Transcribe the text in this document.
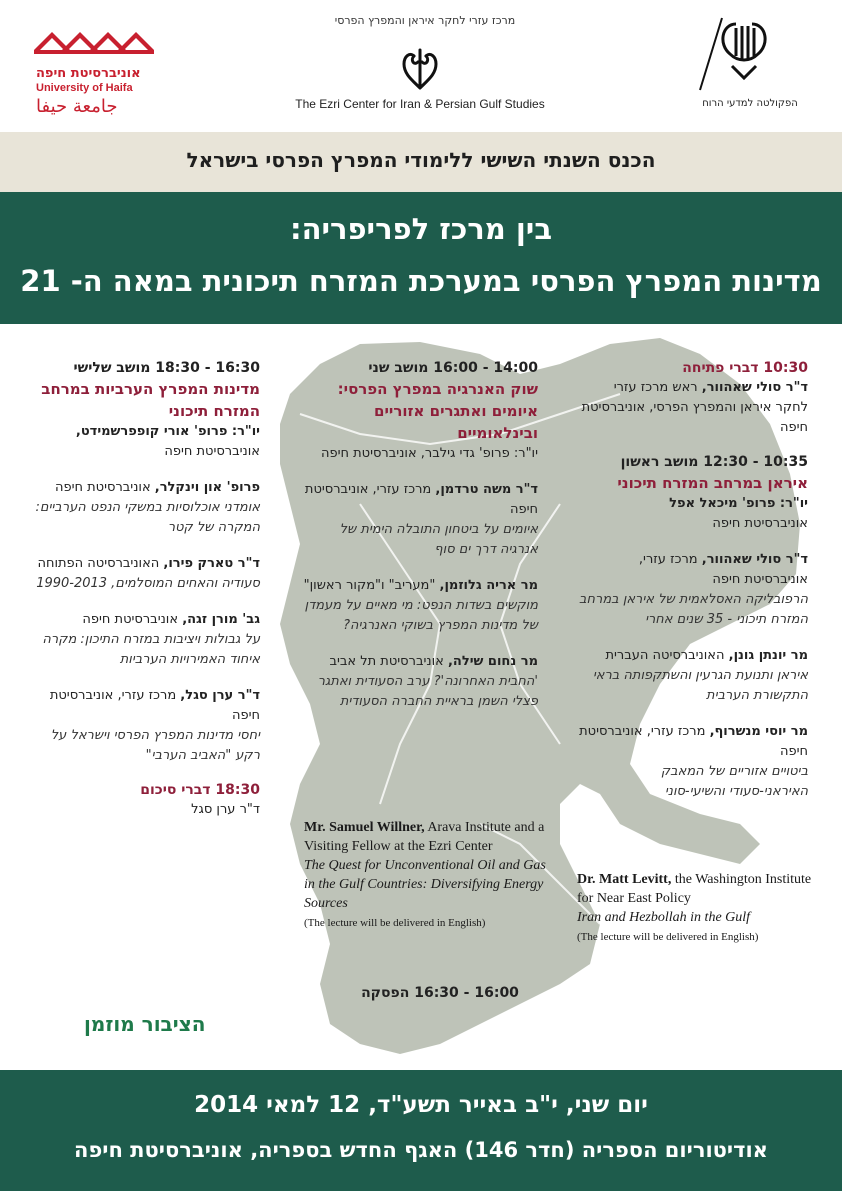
אוניברסיטת חיפה
University of Haifa
جامعة حيفا
מרכז עזרי לחקר איראן והמפרץ הפרסי
The Ezri Center for Iran & Persian Gulf Studies	הפקולטה למדעי הרוח
הכנס השנתי השישי ללימודי המפרץ הפרסי בישראל
בין מרכז לפריפריה:
מדינות המפרץ הפרסי במערכת המזרח תיכונית במאה ה- 21
10:30 דברי פתיחה
ד"ר סולי שאהוור, ראש מרכז עזרי לחקר איראן והמפרץ הפרסי, אוניברסיטת חיפה
10:35 - 12:30 מושב ראשון
איראן במרחב המזרח תיכוני
יו"ר: פרופ' מיכאל אפל
אוניברסיטת חיפה
ד"ר סולי שאהוור, מרכז עזרי, אוניברסיטת חיפה
הרפובליקה האסלאמית של איראן במרחב המזרח תיכוני - 35 שנים אחרי
מר יונתן גונן, האוניברסיטה העברית
איראן ותנועת הגרעין והשתקפותה בראי התקשורת הערבית
מר יוסי מנשרוף, מרכז עזרי, אוניברסיטת חיפה
ביטויים אזוריים של המאבק האיראני-סעודי והשיעי-סוני
14:00 - 16:00 מושב שני
שוק האנרגיה במפרץ הפרסי: איומים ואתגרים אזוריים ובינלאומיים
יו"ר: פרופ' גדי גילבר, אוניברסיטת חיפה
ד"ר משה טרדמן, מרכז עזרי, אוניברסיטת חיפה
איומים על ביטחון התובלה הימית של אנרגיה דרך ים סוף
מר אריה גלוזמן, "מעריב" ו"מקור ראשון"
מוקשים בשדות הנפט: מי מאיים על מעמדן של מדינות המפרץ בשוקי האנרגיה?
מר נחום שילה, אוניברסיטת תל אביב
'החבית האחרונה'? ערב הסעודית ואתגר פצלי השמן בראיית החברה הסעודית
Mr. Samuel Willner, Arava Institute and a Visiting Fellow at the Ezri Center
The Quest for Unconventional Oil and Gas in the Gulf Countries: Diversifying Energy Sources
(The lecture will be delivered in English)
16:00 - 16:30 הפסקה
16:30 - 18:30 מושב שלישי
מדינות המפרץ הערביות במרחב המזרח תיכוני
יו"ר: פרופ' אורי קופפרשמידט,
אוניברסיטת חיפה
פרופ' און וינקלר, אוניברסיטת חיפה
אומדני אוכלוסיות במשקי הנפט הערביים: המקרה של קטר
ד"ר טארק פירו, האוניברסיטה הפתוחה
סעודיה והאחים המוסלמים, 1990-2013
גב' מורן זגה, אוניברסיטת חיפה
על גבולות ויציבות במזרח התיכון: מקרה איחוד האמירויות הערביות
ד"ר ערן סגל, מרכז עזרי, אוניברסיטת חיפה
יחסי מדינות המפרץ הפרסי וישראל על רקע "האביב הערבי"
18:30 דברי סיכום
ד"ר ערן סגל
Dr. Matt Levitt, the Washington Institute for Near East Policy
Iran and Hezbollah in the Gulf
(The lecture will be delivered in English)
הציבור מוזמן
יום שני, י"ב באייר תשע"ד, 12 למאי 2014
אודיטוריום הספריה (חדר 146) האגף החדש בספריה, אוניברסיטת חיפה
